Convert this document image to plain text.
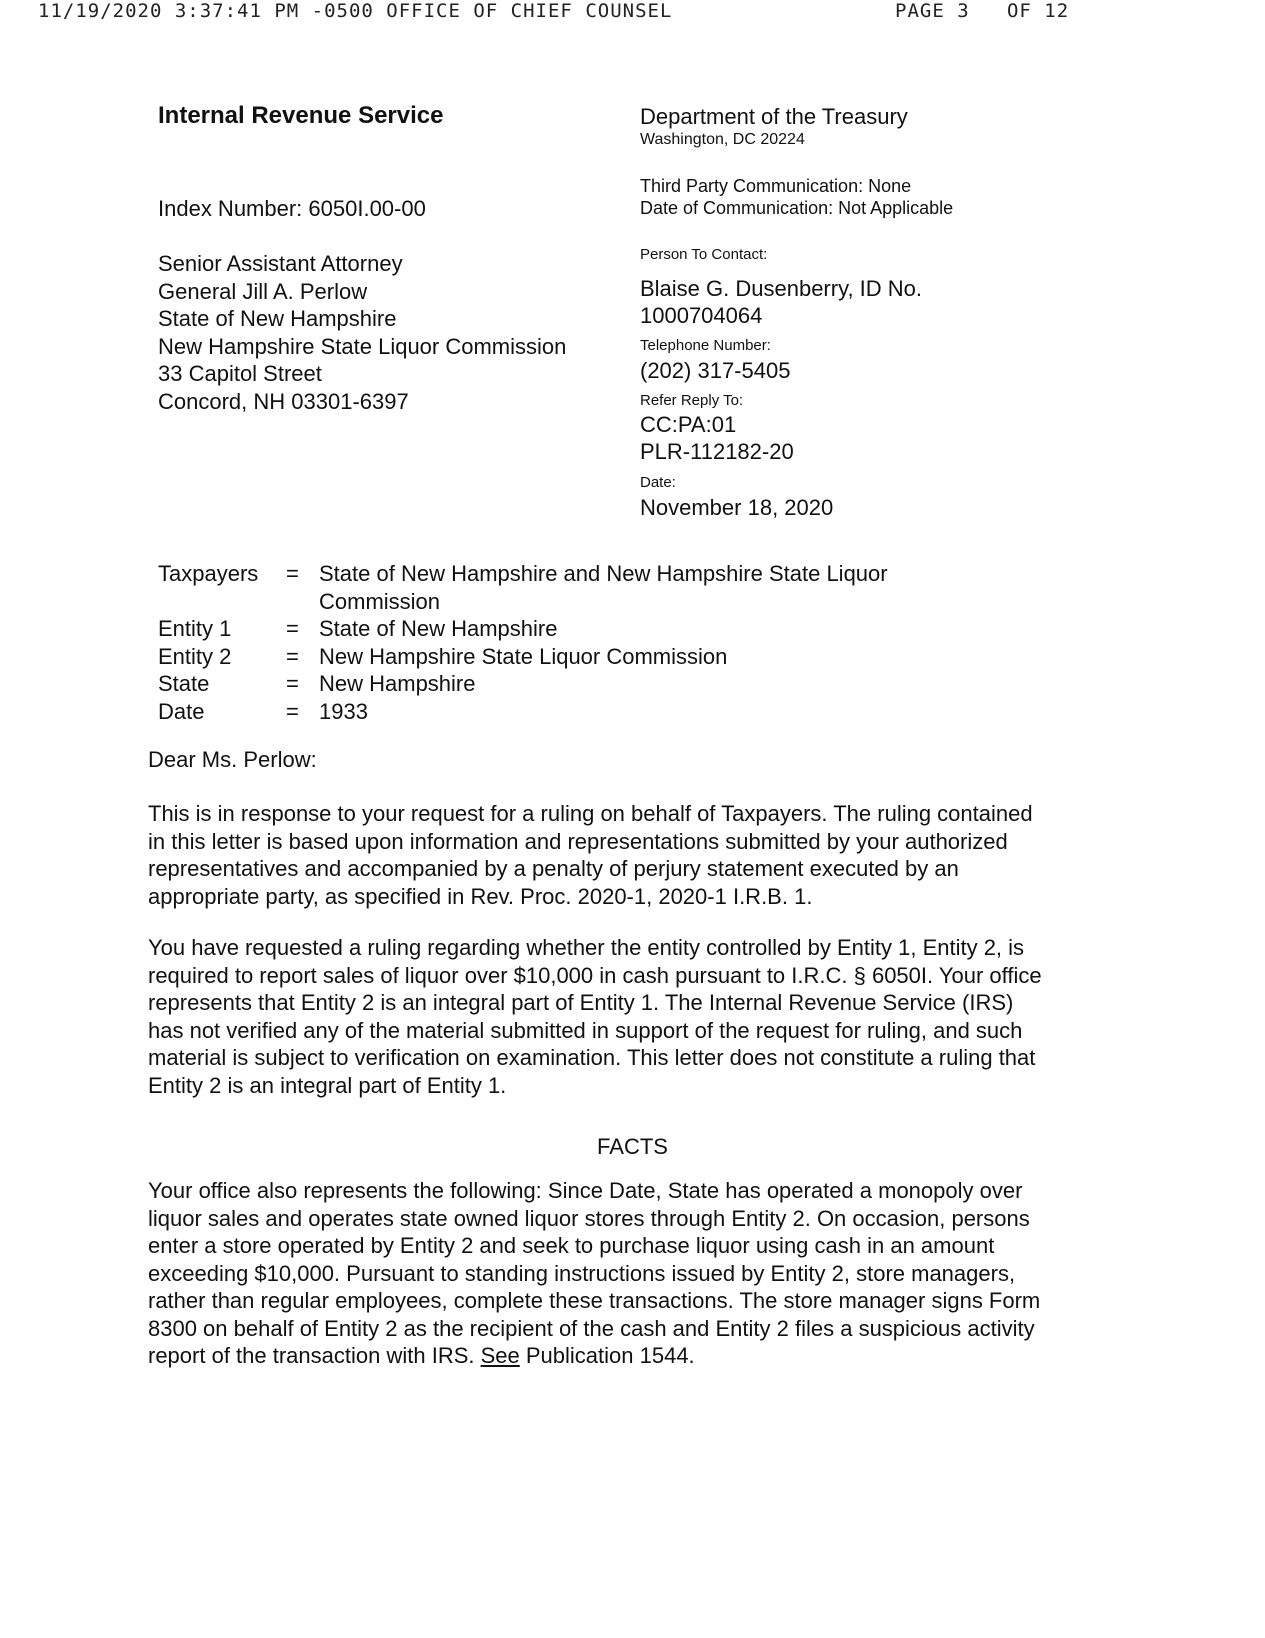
11/19/2020 3:37:41 PM -0500 OFFICE OF CHIEF COUNSEL	PAGE 3   OF 12
Internal Revenue Service	Department of the Treasury
Washington, DC 20224
Third Party Communication: None
Date of Communication: Not Applicable
Index Number: 6050I.00-00
Senior Assistant Attorney
General Jill A. Perlow
State of New Hampshire
New Hampshire State Liquor Commission
33 Capitol Street
Concord, NH 03301-6397
Person To Contact:
Blaise G. Dusenberry, ID No.
1000704064
Telephone Number:
(202) 317-5405
Refer Reply To:
CC:PA:01
PLR-112182-20
Date:
November 18, 2020
Taxpayers	=	State of New Hampshire and New Hampshire State Liquor
Commission

Entity 1	=	State of New Hampshire
Entity 2	=	New Hampshire State Liquor Commission
State	=	New Hampshire
Date	=	1933
Dear Ms. Perlow:
This is in response to your request for a ruling on behalf of Taxpayers. The ruling contained in this letter is based upon information and representations submitted by your authorized representatives and accompanied by a penalty of perjury statement executed by an appropriate party, as specified in Rev. Proc. 2020-1, 2020-1 I.R.B. 1.
You have requested a ruling regarding whether the entity controlled by Entity 1, Entity 2, is required to report sales of liquor over $10,000 in cash pursuant to I.R.C. § 6050I. Your office represents that Entity 2 is an integral part of Entity 1. The Internal Revenue Service (IRS) has not verified any of the material submitted in support of the request for ruling, and such material is subject to verification on examination. This letter does not constitute a ruling that Entity 2 is an integral part of Entity 1.
FACTS
Your office also represents the following: Since Date, State has operated a monopoly over liquor sales and operates state owned liquor stores through Entity 2. On occasion, persons enter a store operated by Entity 2 and seek to purchase liquor using cash in an amount exceeding $10,000. Pursuant to standing instructions issued by Entity 2, store managers, rather than regular employees, complete these transactions. The store manager signs Form 8300 on behalf of Entity 2 as the recipient of the cash and Entity 2 files a suspicious activity report of the transaction with IRS. See Publication 1544.
